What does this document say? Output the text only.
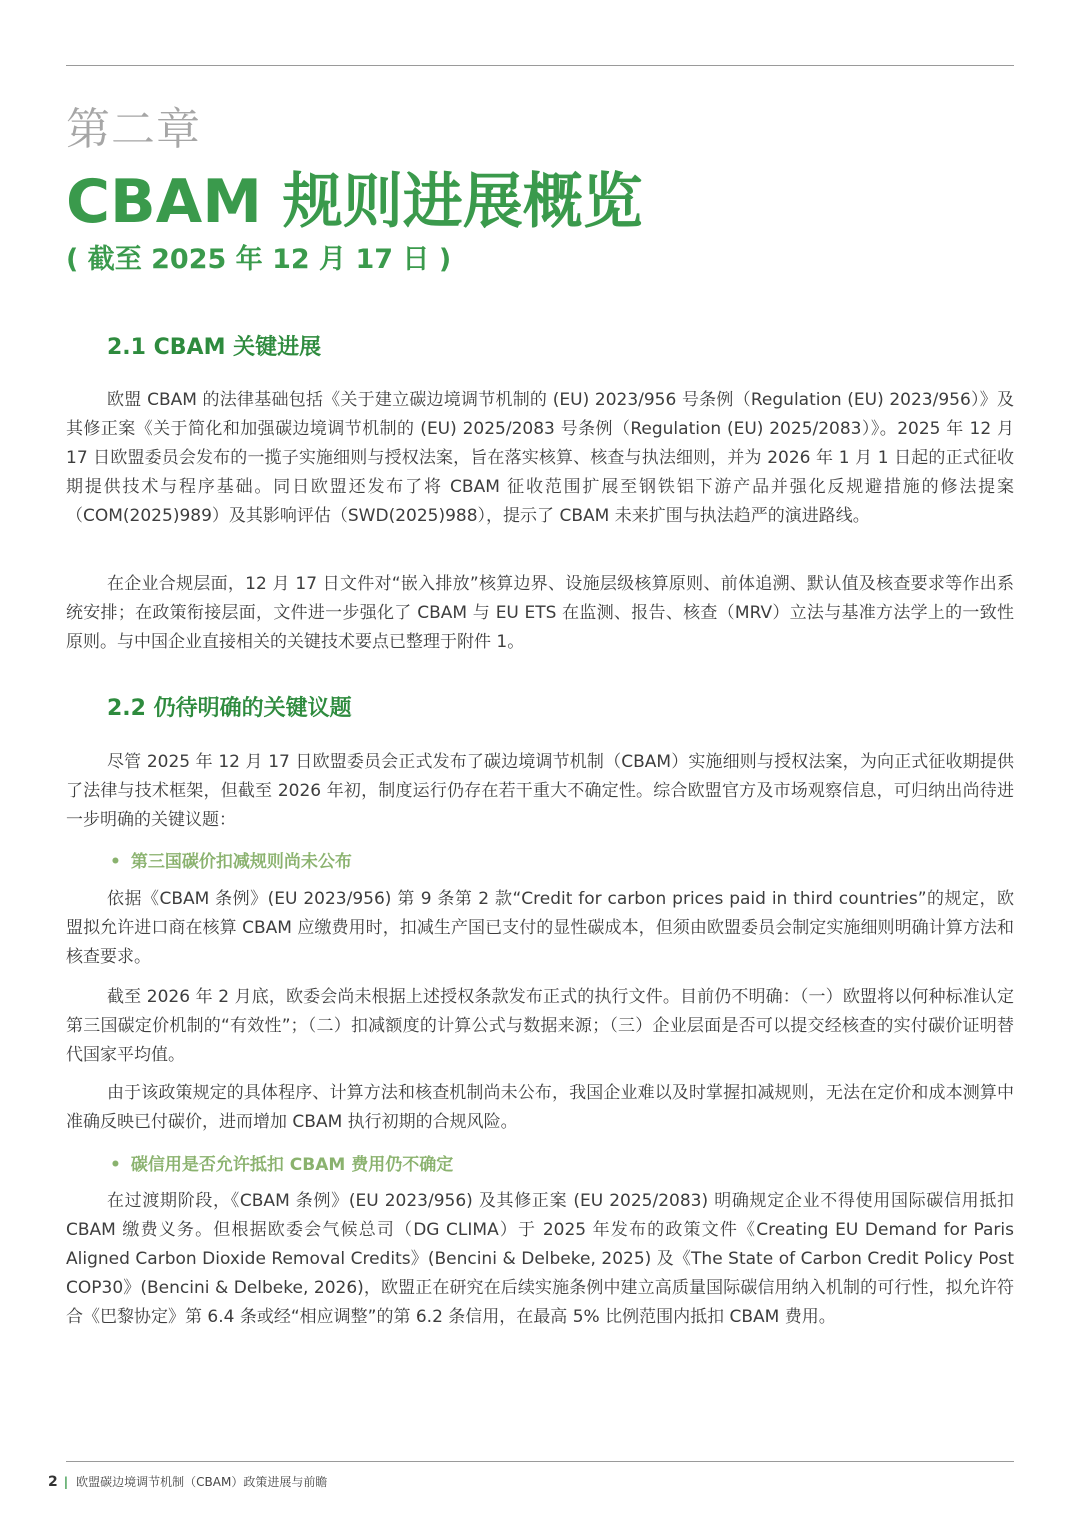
第二章
CBAM 规则进展概览
( 截至 2025 年 12 月 17 日 )
2.1 CBAM 关键进展

欧盟 CBAM 的法律基础包括《关于建立碳边境调节机制的 (EU) 2023/956 号条例（Regulation (EU) 2023/956）》及其修正案《关于简化和加强碳边境调节机制的 (EU) 2025/2083 号条例（Regulation (EU) 2025/2083）》。2025 年 12 月 17 日欧盟委员会发布的一揽子实施细则与授权法案，旨在落实核算、核查与执法细则，并为 2026 年 1 月 1 日起的正式征收期提供技术与程序基础。同日欧盟还发布了将 CBAM 征收范围扩展至钢铁铝下游产品并强化反规避措施的修法提案（COM(2025)989）及其影响评估（SWD(2025)988），提示了 CBAM 未来扩围与执法趋严的演进路线。

在企业合规层面，12 月 17 日文件对“嵌入排放”核算边界、设施层级核算原则、前体追溯、默认值及核查要求等作出系统安排；在政策衔接层面，文件进一步强化了 CBAM 与 EU ETS 在监测、报告、核查（MRV）立法与基准方法学上的一致性原则。与中国企业直接相关的关键技术要点已整理于附件 1。

2.2 仍待明确的关键议题

尽管 2025 年 12 月 17 日欧盟委员会正式发布了碳边境调节机制（CBAM）实施细则与授权法案，为向正式征收期提供了法律与技术框架，但截至 2026 年初，制度运行仍存在若干重大不确定性。综合欧盟官方及市场观察信息，可归纳出尚待进一步明确的关键议题：

• 第三国碳价扣减规则尚未公布

依据《CBAM 条例》(EU 2023/956) 第 9 条第 2 款“Credit for carbon prices paid in third countries”的规定，欧盟拟允许进口商在核算 CBAM 应缴费用时，扣减生产国已支付的显性碳成本，但须由欧盟委员会制定实施细则明确计算方法和核查要求。

截至 2026 年 2 月底，欧委会尚未根据上述授权条款发布正式的执行文件。目前仍不明确：（一）欧盟将以何种标准认定第三国碳定价机制的“有效性”；（二）扣减额度的计算公式与数据来源；（三）企业层面是否可以提交经核查的实付碳价证明替代国家平均值。

由于该政策规定的具体程序、计算方法和核查机制尚未公布，我国企业难以及时掌握扣减规则，无法在定价和成本测算中准确反映已付碳价，进而增加 CBAM 执行初期的合规风险。

• 碳信用是否允许抵扣 CBAM 费用仍不确定

在过渡期阶段，《CBAM 条例》(EU 2023/956) 及其修正案 (EU 2025/2083) 明确规定企业不得使用国际碳信用抵扣 CBAM 缴费义务。但根据欧委会气候总司（DG CLIMA）于 2025 年发布的政策文件《Creating EU Demand for Paris Aligned Carbon Dioxide Removal Credits》(Bencini & Delbeke, 2025) 及《The State of Carbon Credit Policy Post COP30》(Bencini & Delbeke, 2026)，欧盟正在研究在后续实施条例中建立高质量国际碳信用纳入机制的可行性，拟允许符合《巴黎协定》第 6.4 条或经“相应调整”的第 6.2 条信用，在最高 5% 比例范围内抵扣 CBAM 费用。

2 | 欧盟碳边境调节机制（CBAM）政策进展与前瞻
